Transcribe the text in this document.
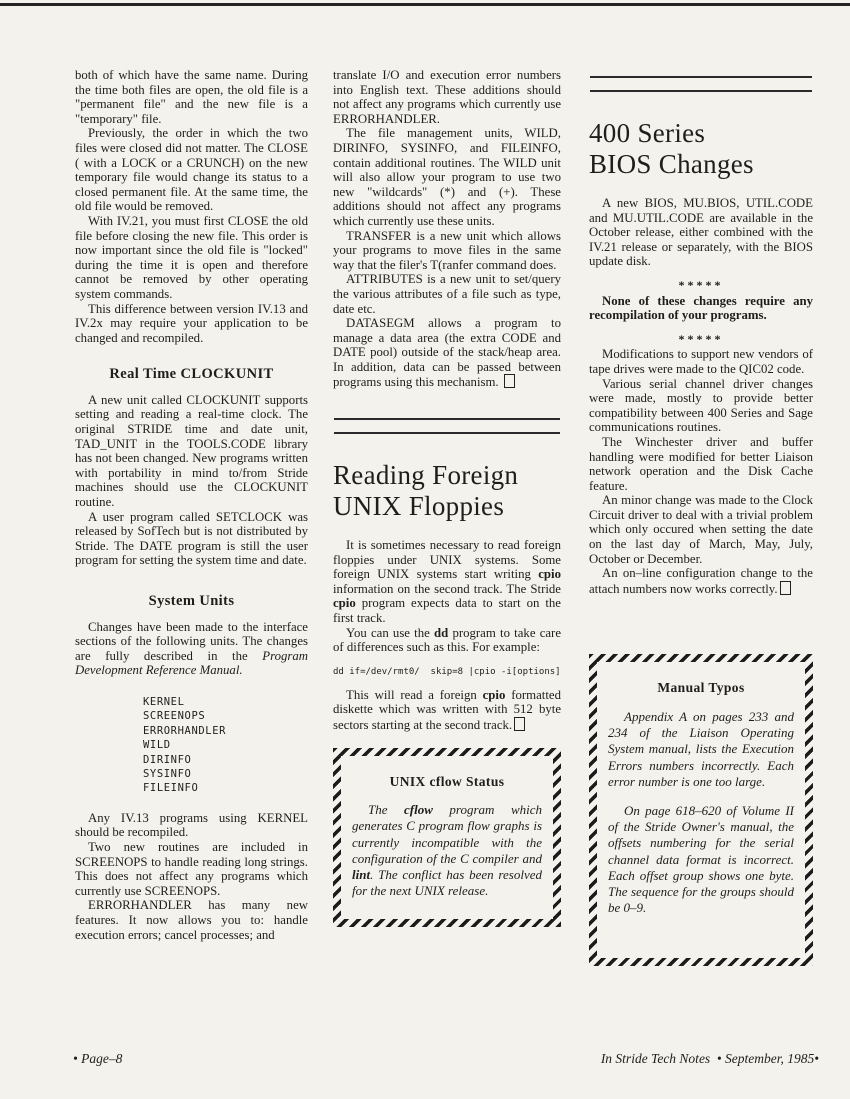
both of which have the same name. During the time both files are open, the old file is a "permanent file" and the new file is a "temporary" file.

Previously, the order in which the two files were closed did not matter. The CLOSE ( with a LOCK or a CRUNCH) on the new temporary file would change its status to a closed permanent file. At the same time, the old file would be removed.

With IV.21, you must first CLOSE the old file before closing the new file. This order is now important since the old file is "locked" during the time it is open and therefore cannot be removed by other operating system commands.

This difference between version IV.13 and IV.2x may require your application to be changed and recompiled.

Real Time CLOCKUNIT

A new unit called CLOCKUNIT supports setting and reading a real-time clock. The original STRIDE time and date unit, TAD_UNIT in the TOOLS.CODE library has not been changed. New programs written with portability in mind to/from Stride machines should use the CLOCKUNIT routine.

A user program called SETCLOCK was released by SofTech but is not distributed by Stride. The DATE program is still the user program for setting the system time and date.

System Units

Changes have been made to the interface sections of the following units. The changes are fully described in the Program Development Reference Manual.

KERNEL
SCREENOPS
ERRORHANDLER
WILD
DIRINFO
SYSINFO
FILEINFO

Any IV.13 programs using KERNEL should be recompiled.

Two new routines are included in SCREENOPS to handle reading long strings. This does not affect any programs which currently use SCREENOPS.

ERRORHANDLER has many new features. It now allows you to: handle execution errors; cancel processes; and

translate I/O and execution error numbers into English text. These additions should not affect any programs which currently use ERRORHANDLER.

The file management units, WILD, DIRINFO, SYSINFO, and FILEINFO, contain additional routines. The WILD unit will also allow your program to use two new "wildcards" (*) and (+). These additions should not affect any programs which currently use these units.

TRANSFER is a new unit which allows your programs to move files in the same way that the filer's T(ranfer command does.

ATTRIBUTES is a new unit to set/query the various attributes of a file such as type, date etc.

DATASEGM allows a program to manage a data area (the extra CODE and DATE pool) outside of the stack/heap area. In addition, data can be passed between programs using this mechanism.

Reading Foreign
UNIX Floppies

It is sometimes necessary to read foreign floppies under UNIX systems. Some foreign UNIX systems start writing cpio information on the second track. The Stride cpio program expects data to start on the first track.

You can use the dd program to take care of differences such as this. For example:

dd if=/dev/rmt0/  skip=8 |cpio -i[options]

This will read a foreign cpio formatted diskette which was written with 512 byte sectors starting at the second track.

UNIX cflow Status

The cflow program which generates C program flow graphs is currently incompatible with the configuration of the C compiler and lint. The conflict has been resolved for the next UNIX release.

400 Series
BIOS Changes

A new BIOS, MU.BIOS, UTIL.CODE and MU.UTIL.CODE are available in the October release, either combined with the IV.21 release or separately, with the BIOS update disk.

*****

None of these changes require any recompilation of your programs.

*****

Modifications to support new vendors of tape drives were made to the QIC02 code.

Various serial channel driver changes were made, mostly to provide better compatibility between 400 Series and Sage communications routines.

The Winchester driver and buffer handling were modified for better Liaison network operation and the Disk Cache feature.

An minor change was made to the Clock Circuit driver to deal with a trivial problem which only occured when setting the date on the last day of March, May, July, October or December.

An on–line configuration change to the attach numbers now works correctly.

Manual Typos

Appendix A on pages 233 and 234 of the Liaison Operating System manual, lists the Execution Errors numbers incorrectly. Each error number is one too large.

On page 618–620 of Volume II of the Stride Owner's manual, the offsets numbering for the serial channel data format is incorrect. Each offset group shows one byte. The sequence for the groups should be 0–9.

• Page–8	In Stride Tech Notes  • September, 1985•
